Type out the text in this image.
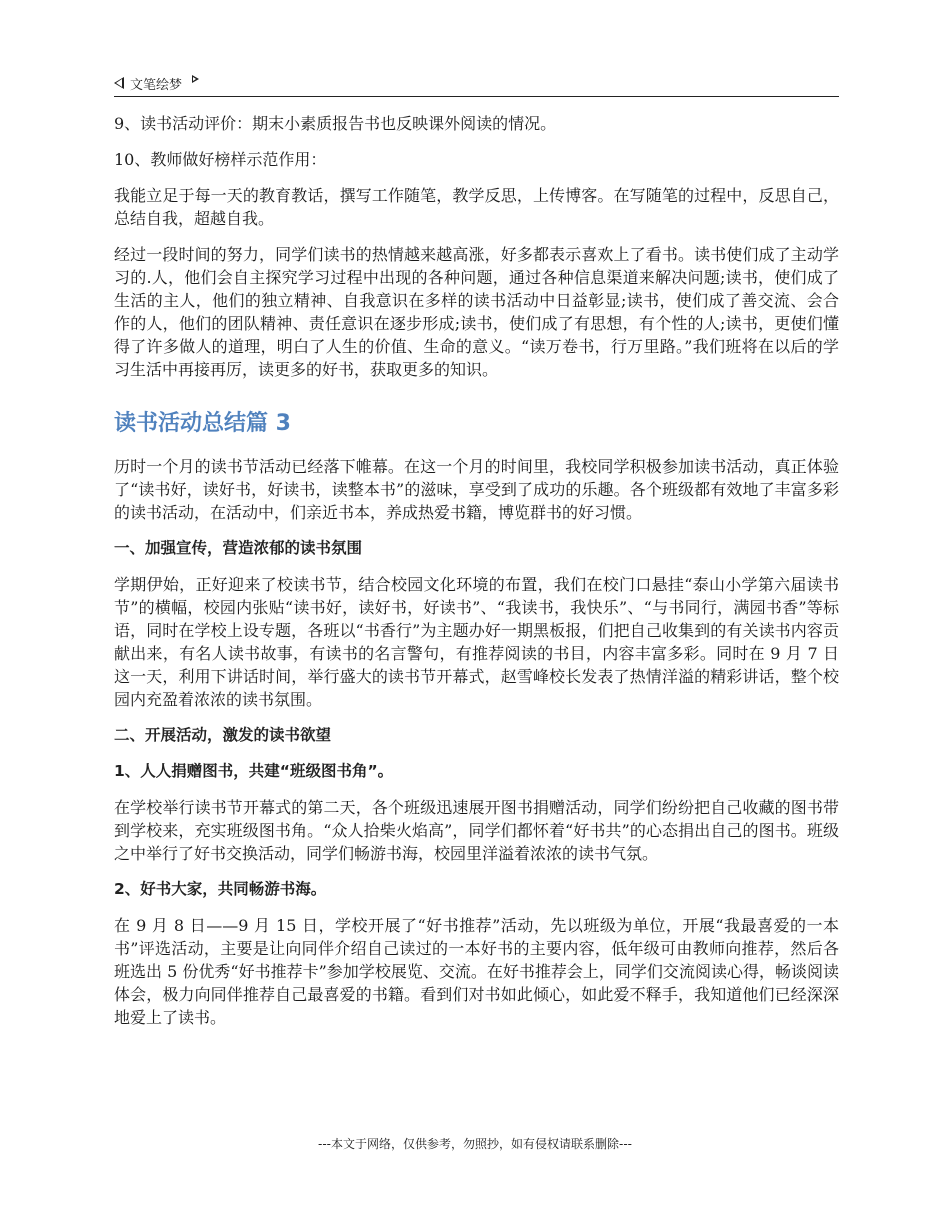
文笔绘梦

9、读书活动评价：期末小素质报告书也反映课外阅读的情况。

10、教师做好榜样示范作用：

我能立足于每一天的教育教话，撰写工作随笔，教学反思，上传博客。在写随笔的过程中，反思自己，总结自我，超越自我。

经过一段时间的努力，同学们读书的热情越来越高涨，好多都表示喜欢上了看书。读书使们成了主动学习的.人，他们会自主探究学习过程中出现的各种问题，通过各种信息渠道来解决问题;读书，使们成了生活的主人，他们的独立精神、自我意识在多样的读书活动中日益彰显;读书，使们成了善交流、会合作的人，他们的团队精神、责任意识在逐步形成;读书，使们成了有思想，有个性的人;读书，更使们懂得了许多做人的道理，明白了人生的价值、生命的意义。“读万卷书，行万里路。”我们班将在以后的学习生活中再接再厉，读更多的好书，获取更多的知识。

读书活动总结篇 3

历时一个月的读书节活动已经落下帷幕。在这一个月的时间里，我校同学积极参加读书活动，真正体验了“读书好，读好书，好读书，读整本书”的滋味，享受到了成功的乐趣。各个班级都有效地了丰富多彩的读书活动，在活动中，们亲近书本，养成热爱书籍，博览群书的好习惯。

一、加强宣传，营造浓郁的读书氛围

学期伊始，正好迎来了校读书节，结合校园文化环境的布置，我们在校门口悬挂“泰山小学第六届读书节”的横幅，校园内张贴“读书好，读好书，好读书”、“我读书，我快乐”、“与书同行，满园书香”等标语，同时在学校上设专题，各班以“书香行”为主题办好一期黑板报，们把自己收集到的有关读书内容贡献出来，有名人读书故事，有读书的名言警句，有推荐阅读的书目，内容丰富多彩。同时在 9 月 7 日这一天，利用下讲话时间，举行盛大的读书节开幕式，赵雪峰校长发表了热情洋溢的精彩讲话，整个校园内充盈着浓浓的读书氛围。

二、开展活动，激发的读书欲望

1、人人捐赠图书，共建“班级图书角”。

在学校举行读书节开幕式的第二天，各个班级迅速展开图书捐赠活动，同学们纷纷把自己收藏的图书带到学校来，充实班级图书角。“众人拾柴火焰高”，同学们都怀着“好书共”的心态捐出自己的图书。班级之中举行了好书交换活动，同学们畅游书海，校园里洋溢着浓浓的读书气氛。

2、好书大家，共同畅游书海。

在 9 月 8 日——9 月 15 日，学校开展了“好书推荐”活动，先以班级为单位，开展“我最喜爱的一本书”评选活动，主要是让向同伴介绍自己读过的一本好书的主要内容，低年级可由教师向推荐，然后各班选出 5 份优秀“好书推荐卡”参加学校展览、交流。在好书推荐会上，同学们交流阅读心得，畅谈阅读体会，极力向同伴推荐自己最喜爱的书籍。看到们对书如此倾心，如此爱不释手，我知道他们已经深深地爱上了读书。

---本文于网络，仅供参考，勿照抄，如有侵权请联系删除---
